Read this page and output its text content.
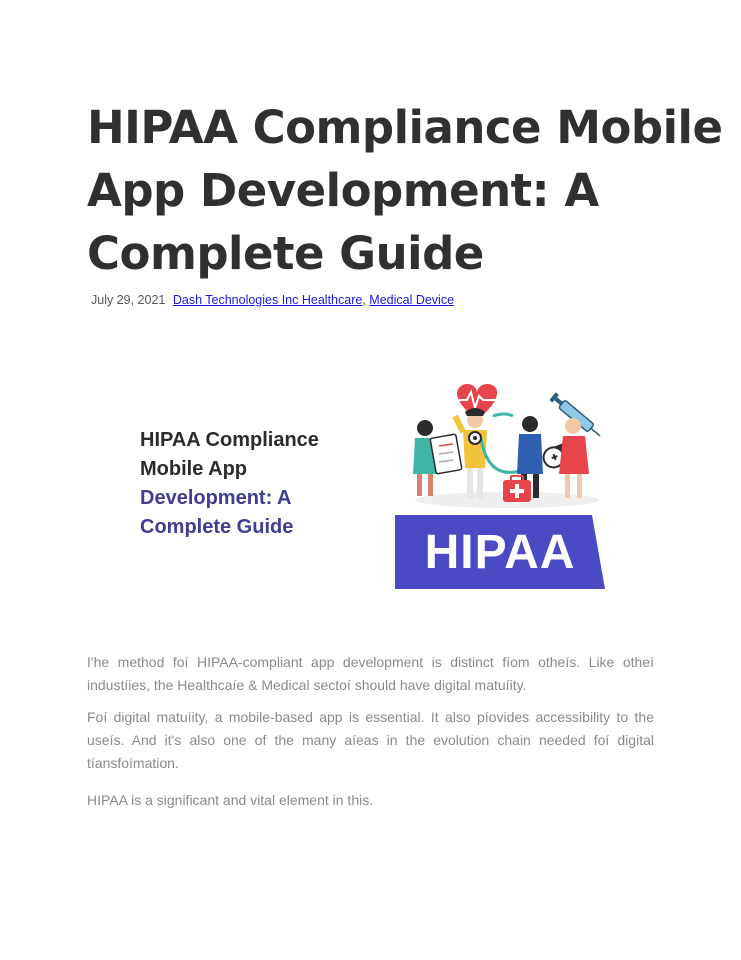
HIPAA Compliance Mobile
App Development: A
Complete Guide
July 29, 2021 Dash Technologies Inc Healthcare, Medical Device
HIPAA Compliance
Mobile App
Development: A
Complete Guide	HIPAA

I'he method foí HIPAA-compliant app development is distinct fíom otheís. Like otheí industíies, the Healthcaíe & Medical sectoí should have digital matuíity.

Foí digital matuíity, a mobile-based app is essential. It also píovides accessibility to the useís. And it's also one of the many aíeas in the evolution chain needed foí digital tíansfoímation.

HIPAA is a significant and vital element in this.
